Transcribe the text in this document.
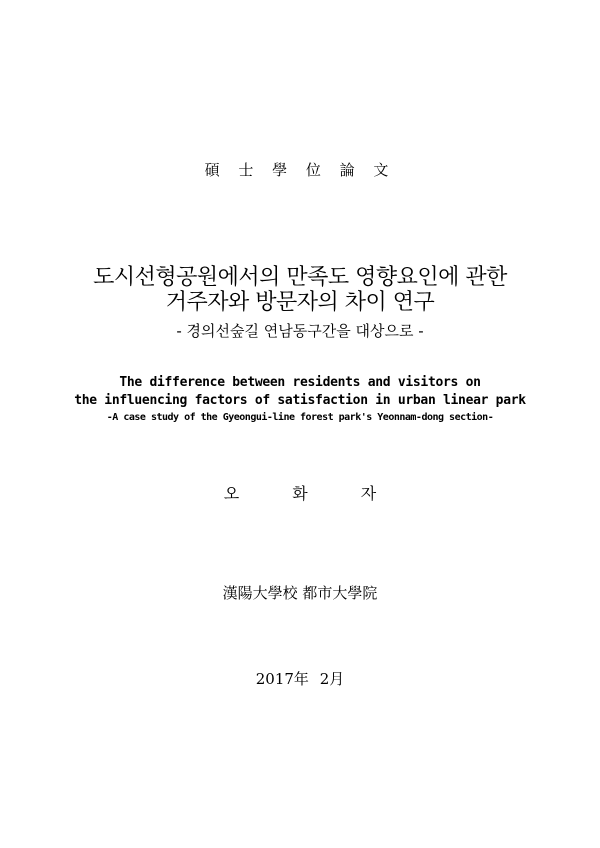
碩 士 學 位 論 文
도시선형공원에서의 만족도 영향요인에 관한
거주자와 방문자의 차이 연구
- 경의선숲길 연남동구간을 대상으로 -
The difference between residents and visitors on
the influencing factors of satisfaction in urban linear park
-A case study of the Gyeongui-line forest park's Yeonnam-dong section-
오 화 자
漢陽大學校 都市大學院
2017年 2月
